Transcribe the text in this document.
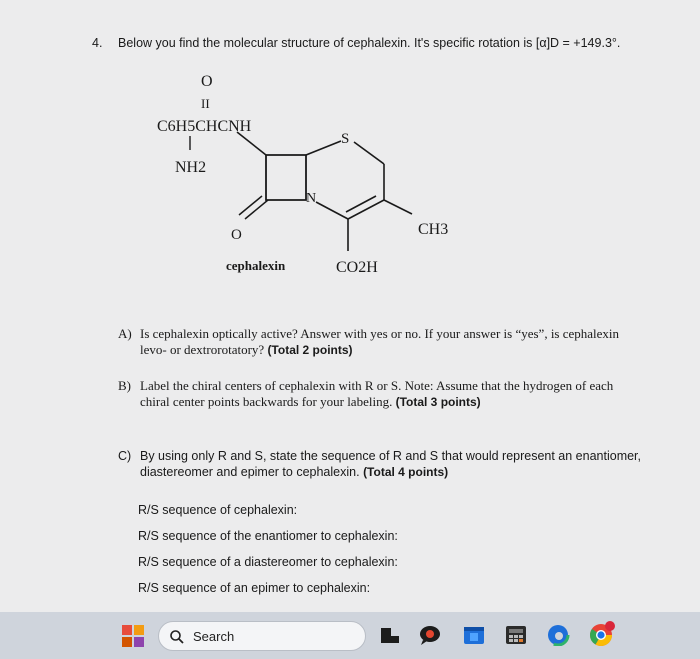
4. Below you find the molecular structure of cephalexin. It's specific rotation is [α]D = +149.3°.
O
II
C6H5CHCNH
NH2
O
S
N
CH3
CO2H
cephalexin
A) Is cephalexin optically active? Answer with yes or no. If your answer is “yes”, is cephalexin
levo- or dextrorotatory? (Total 2 points)
B) Label the chiral centers of cephalexin with R or S. Note: Assume that the hydrogen of each
chiral center points backwards for your labeling. (Total 3 points)
C) By using only R and S, state the sequence of R and S that would represent an enantiomer,
diastereomer and epimer to cephalexin. (Total 4 points)
R/S sequence of cephalexin:
R/S sequence of the enantiomer to cephalexin:
R/S sequence of a diastereomer to cephalexin:
R/S sequence of an epimer to cephalexin:
Search
